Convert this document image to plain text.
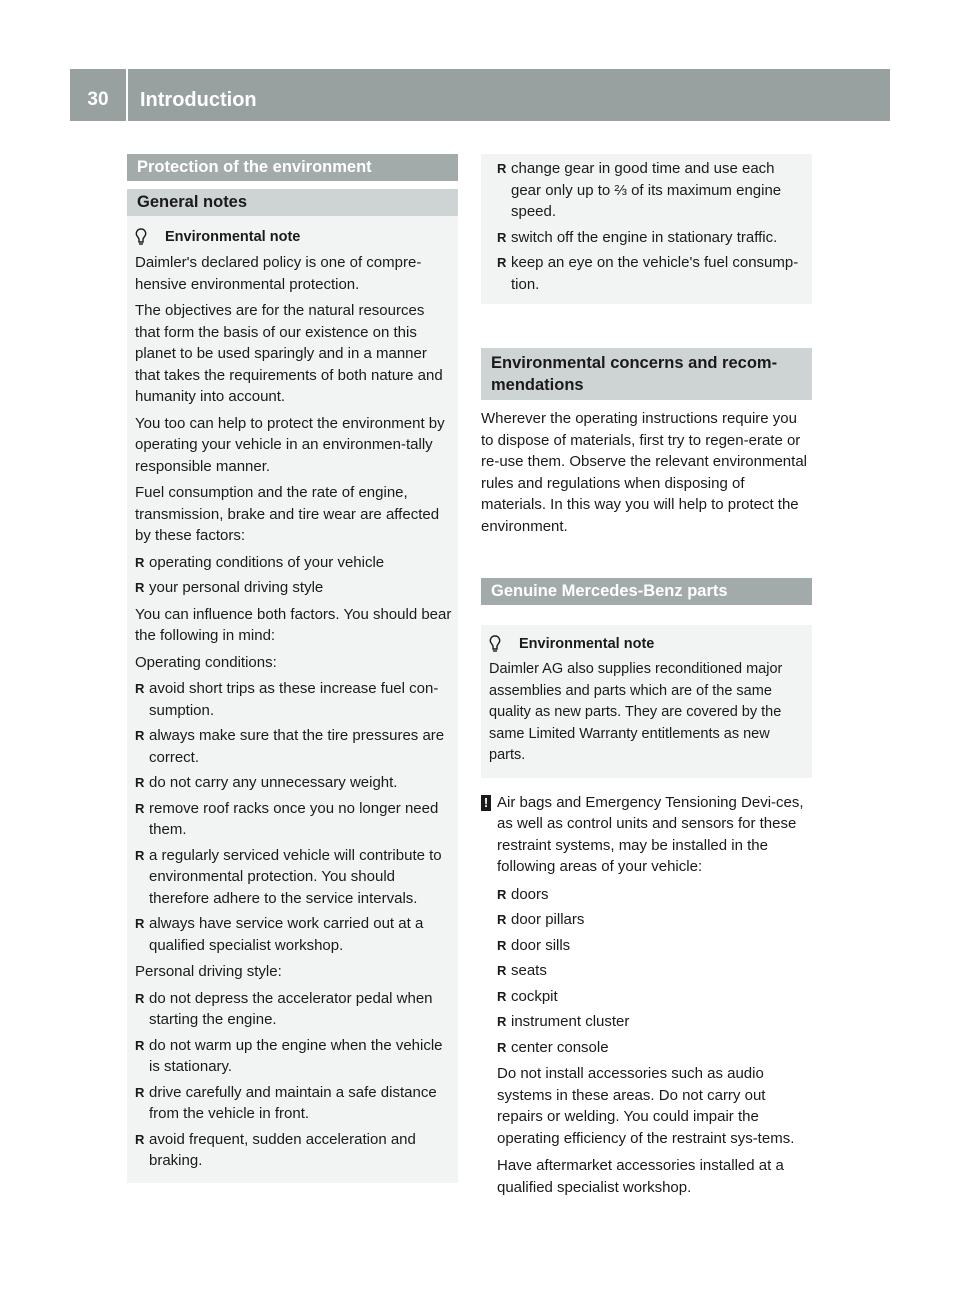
30	Introduction
Protection of the environment
General notes
Environmental note

Daimler's declared policy is one of compre-hensive environmental protection.

The objectives are for the natural resources that form the basis of our existence on this planet to be used sparingly and in a manner that takes the requirements of both nature and humanity into account.

You too can help to protect the environment by operating your vehicle in an environmen-tally responsible manner.

Fuel consumption and the rate of engine, transmission, brake and tire wear are affected by these factors:

R operating conditions of your vehicle
R your personal driving style

You can influence both factors. You should bear the following in mind:

Operating conditions:

R avoid short trips as these increase fuel con-sumption.
R always make sure that the tire pressures are correct.
R do not carry any unnecessary weight.
R remove roof racks once you no longer need them.
R a regularly serviced vehicle will contribute to environmental protection. You should therefore adhere to the service intervals.
R always have service work carried out at a qualified specialist workshop.

Personal driving style:

R do not depress the accelerator pedal when starting the engine.
R do not warm up the engine when the vehicle is stationary.
R drive carefully and maintain a safe distance from the vehicle in front.
R avoid frequent, sudden acceleration and braking.
R change gear in good time and use each gear only up to ⅔ of its maximum engine speed.
R switch off the engine in stationary traffic.
R keep an eye on the vehicle's fuel consump-tion.
Environmental concerns and recom-mendations

Wherever the operating instructions require you to dispose of materials, first try to regen-erate or re-use them. Observe the relevant environmental rules and regulations when disposing of materials. In this way you will help to protect the environment.

Genuine Mercedes-Benz parts
Environmental note

Daimler AG also supplies reconditioned major assemblies and parts which are of the same quality as new parts. They are covered by the same Limited Warranty entitlements as new parts.

! Air bags and Emergency Tensioning Devi-ces, as well as control units and sensors for these restraint systems, may be installed in the following areas of your vehicle:

R doors
R door pillars
R door sills
R seats
R cockpit
R instrument cluster
R center console

Do not install accessories such as audio systems in these areas. Do not carry out repairs or welding. You could impair the operating efficiency of the restraint sys-tems.

Have aftermarket accessories installed at a qualified specialist workshop.
